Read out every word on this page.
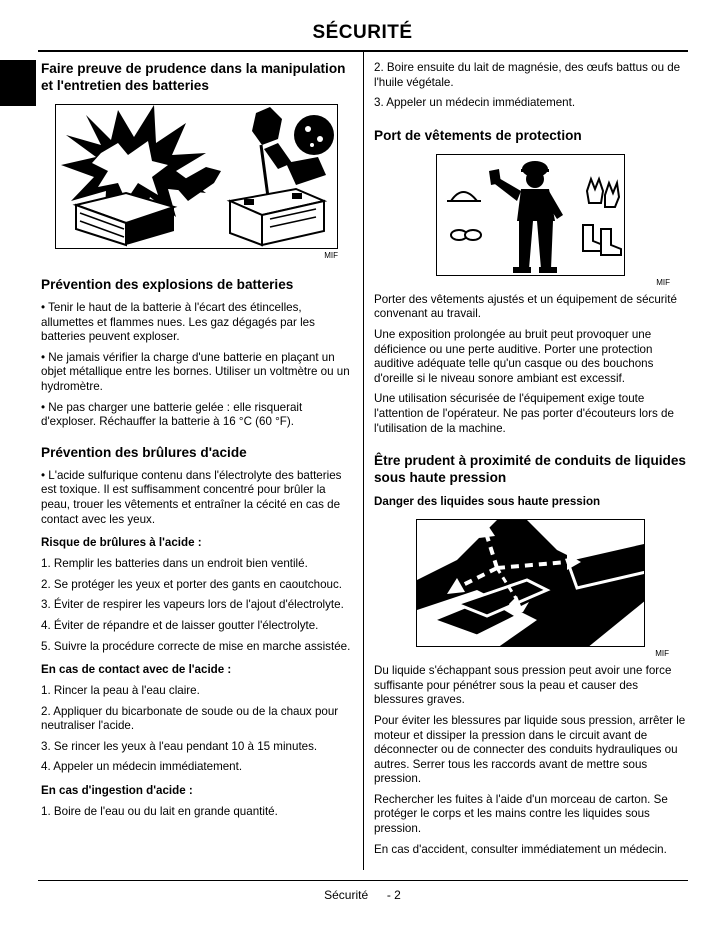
SÉCURITÉ
Faire preuve de prudence dans la manipulation et l'entretien des batteries
MIF
Prévention des explosions de batteries

• Tenir le haut de la batterie à l'écart des étincelles, allumettes et flammes nues. Les gaz dégagés par les batteries peuvent exploser.

• Ne jamais vérifier la charge d'une batterie en plaçant un objet métallique entre les bornes. Utiliser un voltmètre ou un hydromètre.

• Ne pas charger une batterie gelée : elle risquerait d'exploser. Réchauffer la batterie à 16 °C (60 °F).

Prévention des brûlures d'acide

• L'acide sulfurique contenu dans l'électrolyte des batteries est toxique. Il est suffisamment concentré pour brûler la peau, trouer les vêtements et entraîner la cécité en cas de contact avec les yeux.

Risque de brûlures à l'acide :

1. Remplir les batteries dans un endroit bien ventilé.

2. Se protéger les yeux et porter des gants en caoutchouc.

3. Éviter de respirer les vapeurs lors de l'ajout d'électrolyte.

4. Éviter de répandre et de laisser goutter l'électrolyte.

5. Suivre la procédure correcte de mise en marche assistée.

En cas de contact avec de l'acide :

1. Rincer la peau à l'eau claire.

2. Appliquer du bicarbonate de soude ou de la chaux pour neutraliser l'acide.

3. Se rincer les yeux à l'eau pendant 10 à 15 minutes.

4. Appeler un médecin immédiatement.

En cas d'ingestion d'acide :

1. Boire de l'eau ou du lait en grande quantité.

2. Boire ensuite du lait de magnésie, des œufs battus ou de l'huile végétale.

3. Appeler un médecin immédiatement.

Port de vêtements de protection
MIF

Porter des vêtements ajustés et un équipement de sécurité convenant au travail.

Une exposition prolongée au bruit peut provoquer une déficience ou une perte auditive. Porter une protection auditive adéquate telle qu'un casque ou des bouchons d'oreille si le niveau sonore ambiant est excessif.

Une utilisation sécurisée de l'équipement exige toute l'attention de l'opérateur. Ne pas porter d'écouteurs lors de l'utilisation de la machine.

Être prudent à proximité de conduits de liquides sous haute pression
Danger des liquides sous haute pression
MIF

Du liquide s'échappant sous pression peut avoir une force suffisante pour pénétrer sous la peau et causer des blessures graves.

Pour éviter les blessures par liquide sous pression, arrêter le moteur et dissiper la pression dans le circuit avant de déconnecter ou de connecter des conduits hydrauliques ou autres. Serrer tous les raccords avant de mettre sous pression.

Rechercher les fuites à l'aide d'un morceau de carton. Se protéger le corps et les mains contre les liquides sous pression.

En cas d'accident, consulter immédiatement un médecin.

Sécurité - 2
